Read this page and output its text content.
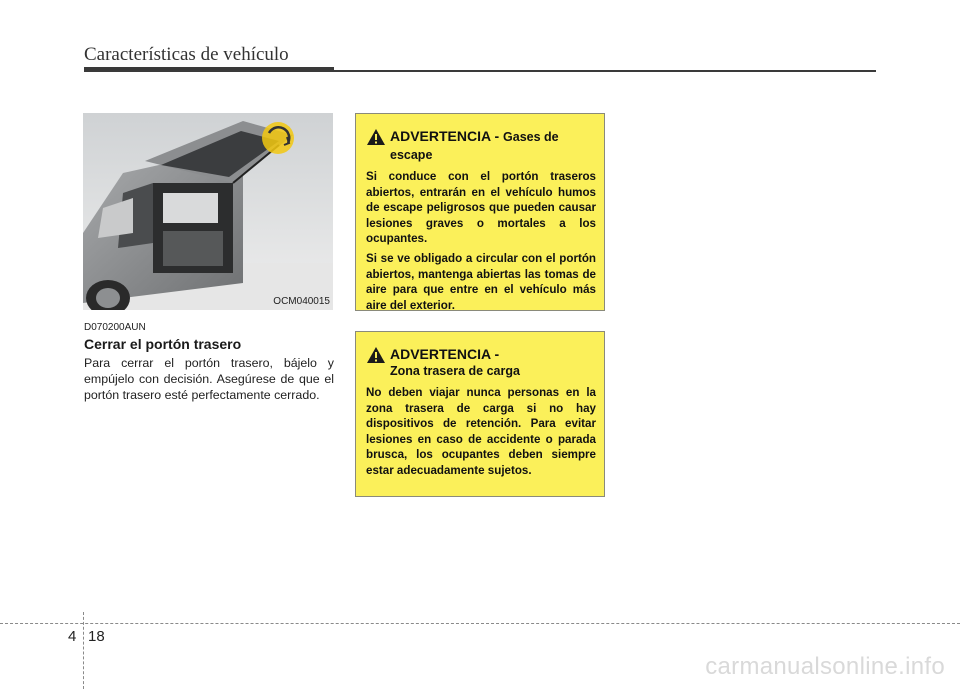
Características de vehículo
OCM040015
D070200AUN
Cerrar el portón trasero
Para cerrar el portón trasero, bájelo y empújelo con decisión. Asegúrese de que el portón trasero esté perfectamente cerrado.
ADVERTENCIA - Gases de escape

Si conduce con el portón traseros abiertos, entrarán en el vehículo humos de escape peligrosos que pueden causar lesiones graves o mortales a los ocupantes.

Si se ve obligado a circular con el portón abiertos, mantenga abiertas las tomas de aire para que entre en el vehículo más aire del exterior.

ADVERTENCIA -
Zona trasera de carga

No deben viajar nunca personas en la zona trasera de carga si no hay dispositivos de retención. Para evitar lesiones en caso de accidente o parada brusca, los ocupantes deben siempre estar adecuadamente sujetos.

4 18
carmanualsonline.info
